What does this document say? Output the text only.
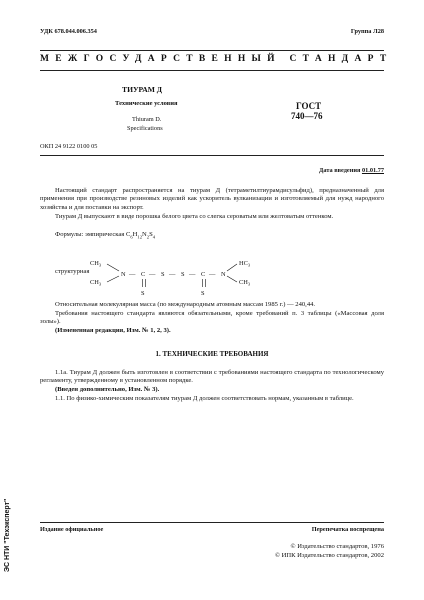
УДК 678.044.006.354	Группа Л28
МЕЖГОСУДАРСТВЕННЫЙ СТАНДАРТ
ТИУРАМ Д
Технические условия
Thiuram D.
Specifications
ГОСТ
740—76
ОКП 24 9122 0100 05
Дата введения 01.01.77
Настоящий стандарт распространяется на тиурам Д (тетраметилтиурамдисульфид), предназначенный для применения при производстве резиновых изделий как ускоритель вулканизации и изготовляемый для нужд народного хозяйства и для поставки на экспорт.
Тиурам Д выпускают в виде порошка белого цвета со слегка сероватым или желтоватым оттенком.
Формулы: эмпирическая $C_6H_{12}N_2S_4$
структурная
$CH_3$
$CH_3$
N — C — S — S — C — N
$HC_3$
$CH_3$
S	S
Относительная молекулярная масса (по международным атомным массам 1985 г.) — 240,44.
Требования настоящего стандарта являются обязательными, кроме требований п. 3 таблицы («Массовая доля золы»).
(Измененная редакция, Изм. № 1, 2, 3).
1. ТЕХНИЧЕСКИЕ ТРЕБОВАНИЯ
1.1а. Тиурам Д должен быть изготовлен в соответствии с требованиями настоящего стандарта по технологическому регламенту, утвержденному в установленном порядке.
(Введен дополнительно, Изм. № 3).
1.1. По физико-химическим показателям тиурам Д должен соответствовать нормам, указанным в таблице.
Издание официальное	Перепечатка воспрещена
© Издательство стандартов, 1976
© ИПК Издательство стандартов, 2002
ЭС НТИ "Техэксперт"
